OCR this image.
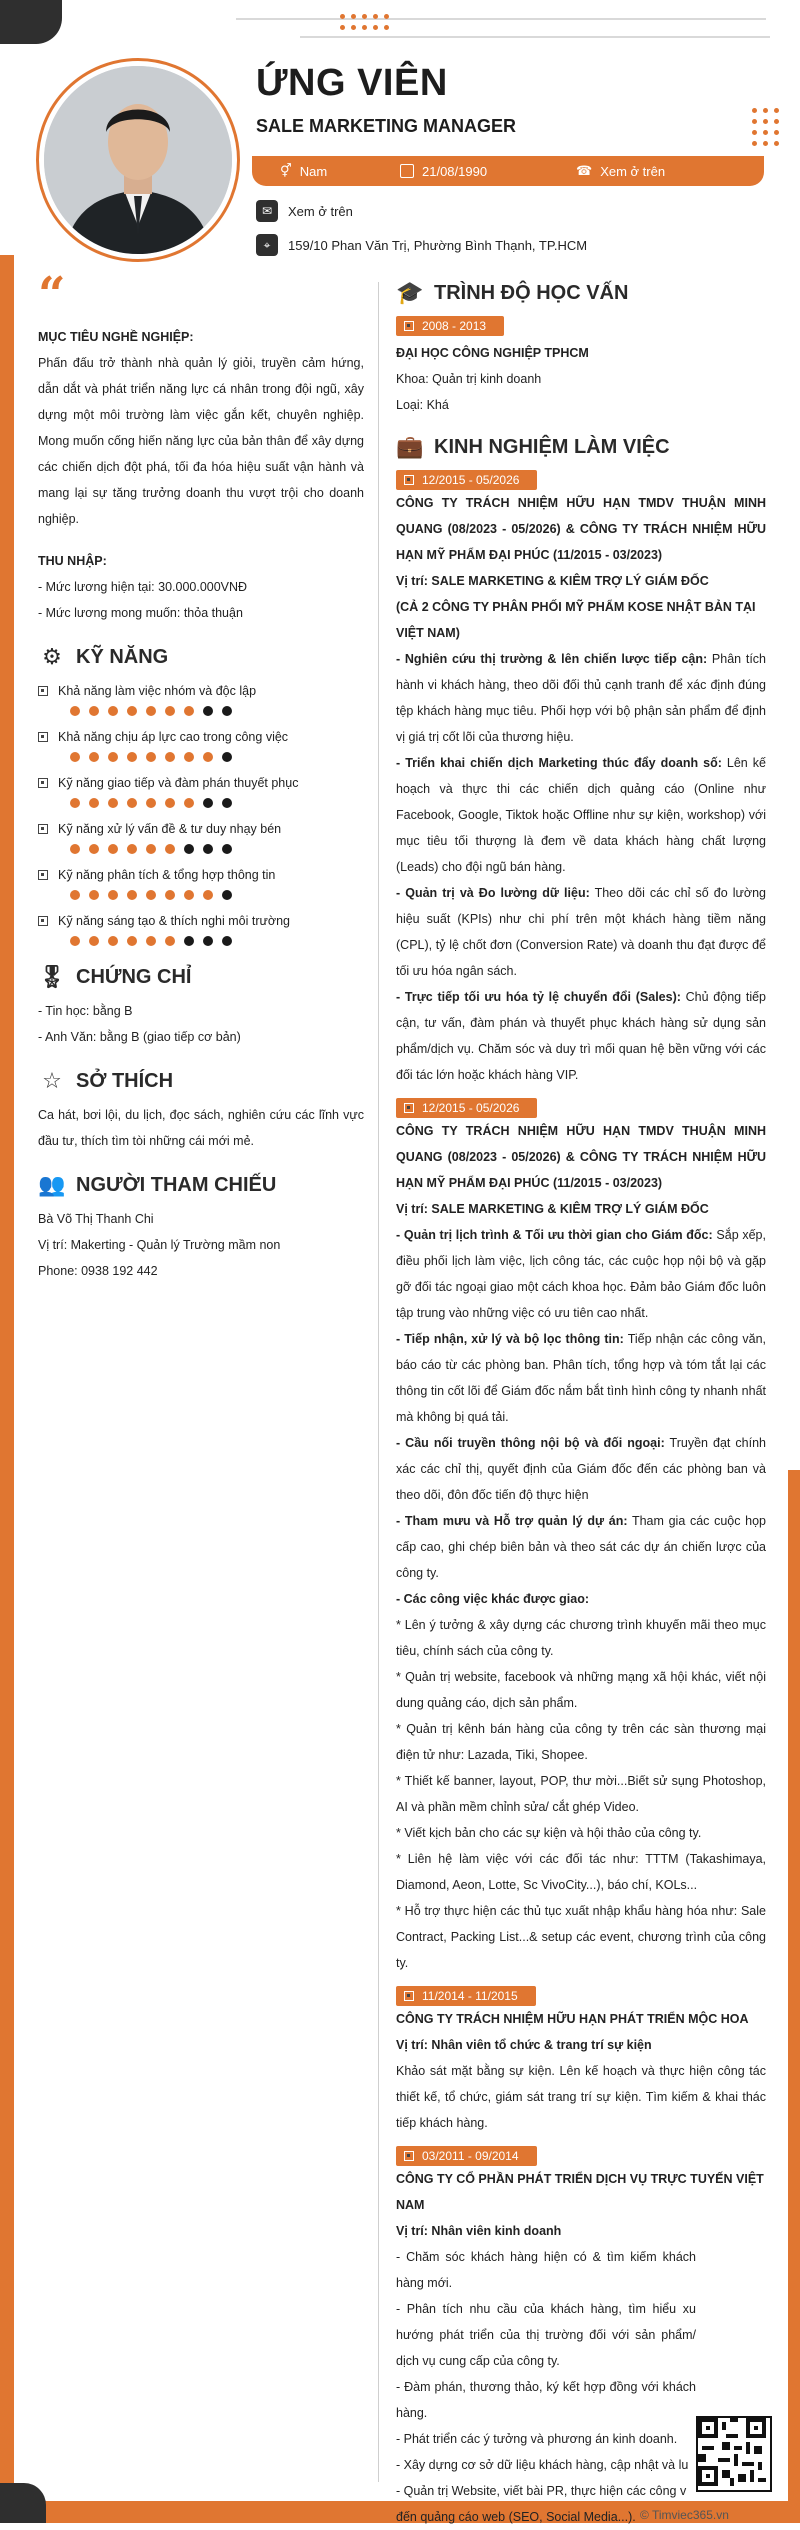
ỨNG VIÊN
SALE MARKETING MANAGER
⚥ Nam	21/08/1990	☎ Xem ở trên
✉	Xem ở trên
⌖	159/10 Phan Văn Trị, Phường Bình Thạnh, TP.HCM
“
MỤC TIÊU NGHỀ NGHIỆP:

Phấn đấu trở thành nhà quản lý giỏi, truyền cảm hứng, dẫn dắt và phát triển năng lực cá nhân trong đội ngũ, xây dựng một môi trường làm việc gắn kết, chuyên nghiệp. Mong muốn cống hiến năng lực của bản thân để xây dựng các chiến dịch đột phá, tối đa hóa hiệu suất vận hành và mang lại sự tăng trưởng doanh thu vượt trội cho doanh nghiệp.

THU NHẬP:
- Mức lương hiện tại: 30.000.000VNĐ
- Mức lương mong muốn: thỏa thuận
⚙ KỸ NĂNG
Khả năng làm việc nhóm và độc lập
Khả năng chịu áp lực cao trong công việc
Kỹ năng giao tiếp và đàm phán thuyết phục
Kỹ năng xử lý vấn đề & tư duy nhạy bén
Kỹ năng phân tích & tổng hợp thông tin
Kỹ năng sáng tạo & thích nghi môi trường
🎖 CHỨNG CHỈ
- Tin học: bằng B
- Anh Văn: bằng B (giao tiếp cơ bản)
☆ SỞ THÍCH

Ca hát, bơi lội, du lịch, đọc sách, nghiên cứu các lĩnh vực đầu tư, thích tìm tòi những cái mới mẻ.

👥 NGƯỜI THAM CHIẾU
Bà Võ Thị Thanh Chi
Vị trí: Makerting - Quản lý Trường mầm non
Phone: 0938 192 442
🎓 TRÌNH ĐỘ HỌC VẤN
2008 - 2013
ĐẠI HỌC CÔNG NGHIỆP TPHCM
Khoa: Quản trị kinh doanh
Loại: Khá
💼 KINH NGHIỆM LÀM VIỆC
12/2015 - 05/2026
CÔNG TY TRÁCH NHIỆM HỮU HẠN TMDV THUẬN MINH QUANG (08/2023 - 05/2026) & CÔNG TY TRÁCH NHIỆM HỮU HẠN MỸ PHẨM ĐẠI PHÚC (11/2015 - 03/2023)
Vị trí: SALE MARKETING & KIÊM TRỢ LÝ GIÁM ĐỐC
(CẢ 2 CÔNG TY PHÂN PHỐI MỸ PHẨM KOSE NHẬT BẢN TẠI VIỆT NAM)

- Nghiên cứu thị trường & lên chiến lược tiếp cận: Phân tích hành vi khách hàng, theo dõi đối thủ cạnh tranh để xác định đúng tệp khách hàng mục tiêu. Phối hợp với bộ phận sản phẩm để định vị giá trị cốt lõi của thương hiệu.

- Triển khai chiến dịch Marketing thúc đẩy doanh số: Lên kế hoạch và thực thi các chiến dịch quảng cáo (Online như Facebook, Google, Tiktok hoặc Offline như sự kiện, workshop) với mục tiêu tối thượng là đem về data khách hàng chất lượng (Leads) cho đội ngũ bán hàng.

- Quản trị và Đo lường dữ liệu: Theo dõi các chỉ số đo lường hiệu suất (KPIs) như chi phí trên một khách hàng tiềm năng (CPL), tỷ lệ chốt đơn (Conversion Rate) và doanh thu đạt được để tối ưu hóa ngân sách.

- Trực tiếp tối ưu hóa tỷ lệ chuyển đổi (Sales): Chủ động tiếp cận, tư vấn, đàm phán và thuyết phục khách hàng sử dụng sản phẩm/dịch vụ. Chăm sóc và duy trì mối quan hệ bền vững với các đối tác lớn hoặc khách hàng VIP.

12/2015 - 05/2026
CÔNG TY TRÁCH NHIỆM HỮU HẠN TMDV THUẬN MINH QUANG (08/2023 - 05/2026) & CÔNG TY TRÁCH NHIỆM HỮU HẠN MỸ PHẨM ĐẠI PHÚC (11/2015 - 03/2023)
Vị trí: SALE MARKETING & KIÊM TRỢ LÝ GIÁM ĐỐC

- Quản trị lịch trình & Tối ưu thời gian cho Giám đốc: Sắp xếp, điều phối lịch làm việc, lịch công tác, các cuộc họp nội bộ và gặp gỡ đối tác ngoại giao một cách khoa học. Đảm bảo Giám đốc luôn tập trung vào những việc có ưu tiên cao nhất.

- Tiếp nhận, xử lý và bộ lọc thông tin: Tiếp nhận các công văn, báo cáo từ các phòng ban. Phân tích, tổng hợp và tóm tắt lại các thông tin cốt lõi để Giám đốc nắm bắt tình hình công ty nhanh nhất mà không bị quá tải.

- Cầu nối truyền thông nội bộ và đối ngoại: Truyền đạt chính xác các chỉ thị, quyết định của Giám đốc đến các phòng ban và theo dõi, đôn đốc tiến độ thực hiện

- Tham mưu và Hỗ trợ quản lý dự án: Tham gia các cuộc họp cấp cao, ghi chép biên bản và theo sát các dự án chiến lược của công ty.

- Các công việc khác được giao:

* Lên ý tưởng & xây dựng các chương trình khuyến mãi theo mục tiêu, chính sách của công ty.

* Quản trị website, facebook và những mạng xã hội khác, viết nội dung quảng cáo, dịch sản phẩm.

* Quản trị kênh bán hàng của công ty trên các sàn thương mại điện tử như: Lazada, Tiki, Shopee.

* Thiết kế banner, layout, POP, thư mời...Biết sử sụng Photoshop, AI và phần mềm chỉnh sửa/ cắt ghép Video.

* Viết kịch bản cho các sự kiện và hội thảo của công ty.

* Liên hệ làm việc với các đối tác như: TTTM (Takashimaya, Diamond, Aeon, Lotte, Sc VivoCity...), báo chí, KOLs...

* Hỗ trợ thực hiện các thủ tục xuất nhập khẩu hàng hóa như: Sale Contract, Packing List...& setup các event, chương trình của công ty.

11/2014 - 11/2015
CÔNG TY TRÁCH NHIỆM HỮU HẠN PHÁT TRIỂN MỘC HOA
Vị trí: Nhân viên tổ chức & trang trí sự kiện

Khảo sát mặt bằng sự kiện. Lên kế hoạch và thực hiện công tác thiết kế, tổ chức, giám sát trang trí sự kiện. Tìm kiếm & khai thác tiếp khách hàng.

03/2011 - 09/2014
CÔNG TY CỔ PHẦN PHÁT TRIỂN DỊCH VỤ TRỰC TUYẾN VIỆT NAM
Vị trí: Nhân viên kinh doanh

- Chăm sóc khách hàng hiện có & tìm kiếm khách hàng mới.

- Phân tích nhu cầu của khách hàng, tìm hiểu xu hướng phát triển của thị trường đối với sản phẩm/ dịch vụ cung cấp của công ty.

- Đàm phán, thương thảo, ký kết hợp đồng với khách hàng.

- Phát triển các ý tưởng và phương án kinh doanh.

- Xây dựng cơ sở dữ liệu khách hàng, cập nhật và lu

- Quản trị Website, viết bài PR, thực hiện các công v

đến quảng cáo web (SEO, Social Media...). © Timviec365.vn
